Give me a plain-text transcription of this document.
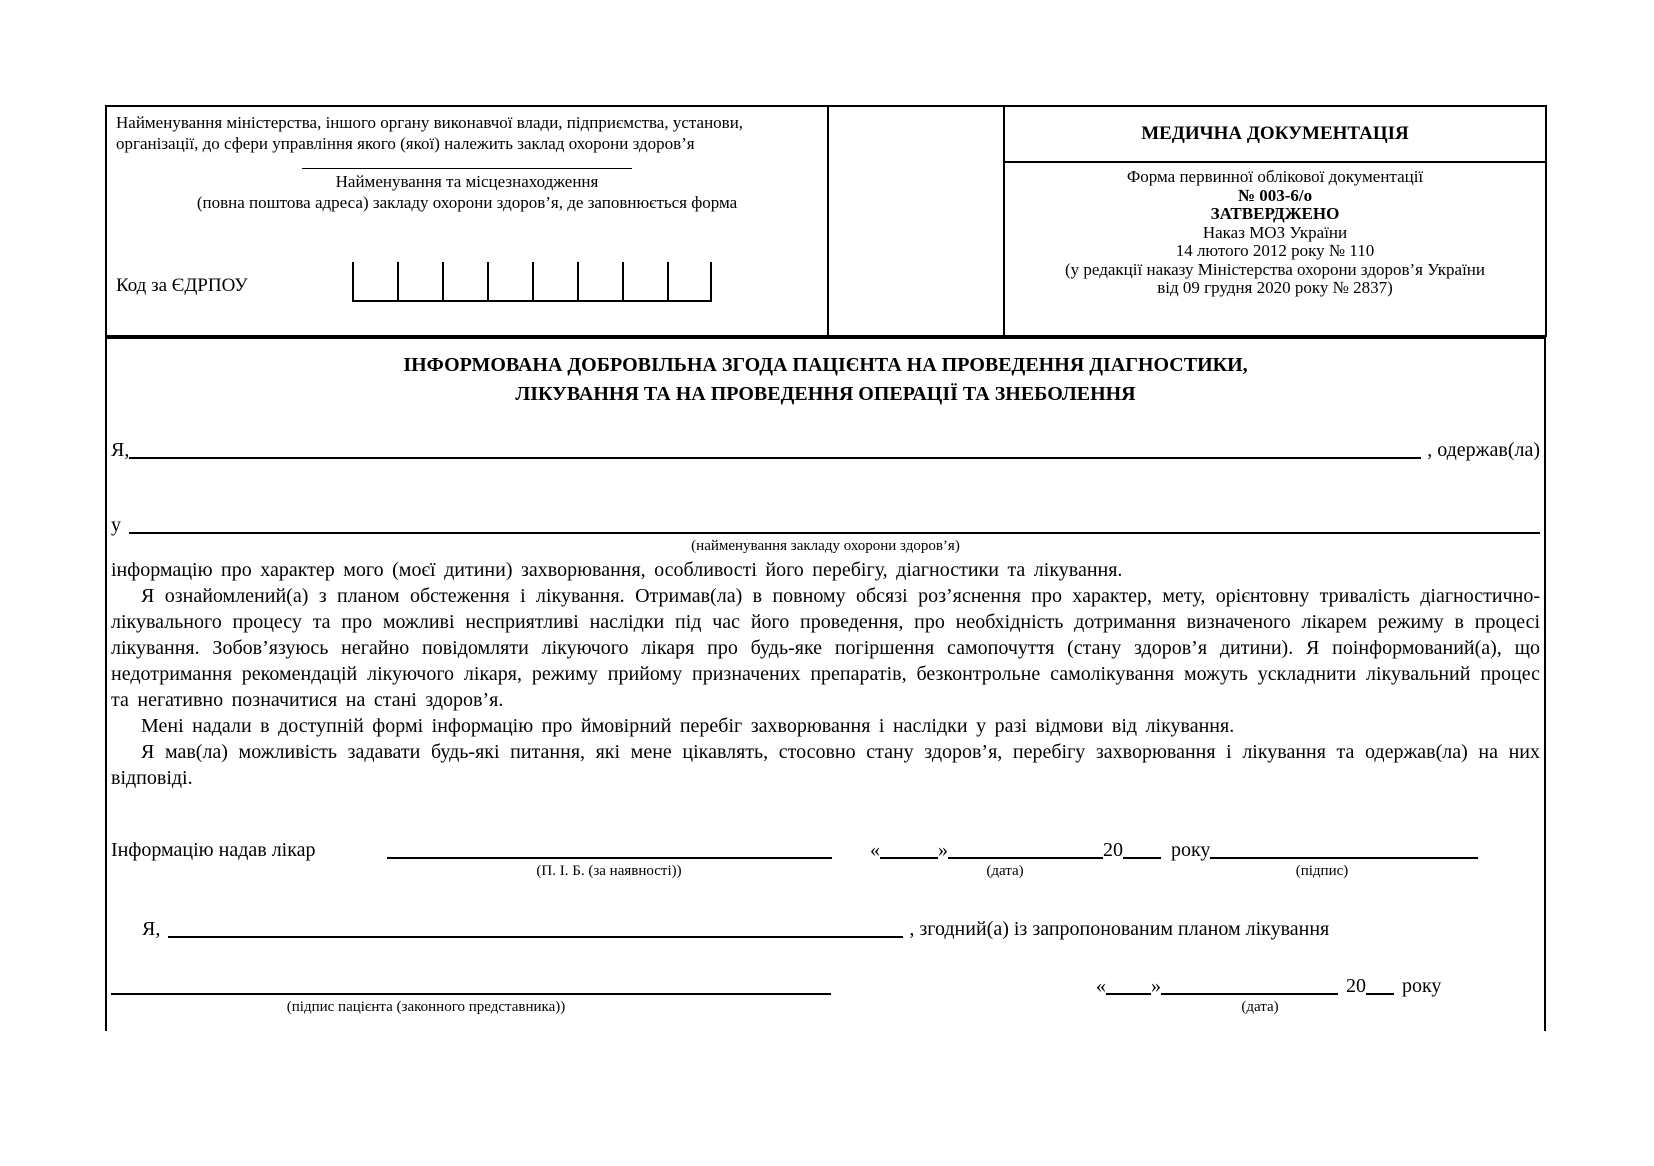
Найменування міністерства, іншого органу виконавчої влади, підприємства, установи, організації, до сфери управління якого (якої) належить заклад охорони здоров’я
Найменування та місцезнаходження
(повна поштова адреса) закладу охорони здоров’я, де заповнюється форма
Код за ЄДРПОУ
МЕДИЧНА ДОКУМЕНТАЦІЯ
Форма первинної облікової документації
№ 003-6/о
ЗАТВЕРДЖЕНО
Наказ МОЗ України
14 лютого 2012 року № 110
(у редакції наказу Міністерства охорони здоров’я України
від 09 грудня 2020 року № 2837)
ІНФОРМОВАНА ДОБРОВІЛЬНА ЗГОДА ПАЦІЄНТА НА ПРОВЕДЕННЯ ДІАГНОСТИКИ,
ЛІКУВАННЯ ТА НА ПРОВЕДЕННЯ ОПЕРАЦІЇ ТА ЗНЕБОЛЕННЯ
Я,	, одержав(ла)
у
(найменування закладу охорони здоров’я)

інформацію про характер мого (моєї дитини) захворювання, особливості його перебігу, діагностики та лікування.

Я ознайомлений(а) з планом обстеження і лікування. Отримав(ла) в повному обсязі роз’яснення про характер, мету, орієнтовну тривалість діагностично-лікувального процесу та про можливі несприятливі наслідки під час його проведення, про необхідність дотримання визначеного лікарем режиму в процесі лікування. Зобов’язуюсь негайно повідомляти лікуючого лікаря про будь-яке погіршення самопочуття (стану здоров’я дитини). Я поінформований(а), що недотримання рекомендацій лікуючого лікаря, режиму прийому призначених препаратів, безконтрольне самолікування можуть ускладнити лікувальний процес та негативно позначитися на стані здоров’я.

Мені надали в доступній формі інформацію про ймовірний перебіг захворювання і наслідки у разі відмови від лікування.

Я мав(ла) можливість задавати будь-які питання, які мене цікавлять, стосовно стану здоров’я, перебігу захворювання і лікування та одержав(ла) на них відповіді.

Інформацію надав лікар	«	»	20 року
(П. І. Б. (за наявності))	(дата)	(підпис)
Я,	, згодний(а) із запропонованим планом лікування
« »	20 року
(підпис пацієнта (законного представника))	(дата)
